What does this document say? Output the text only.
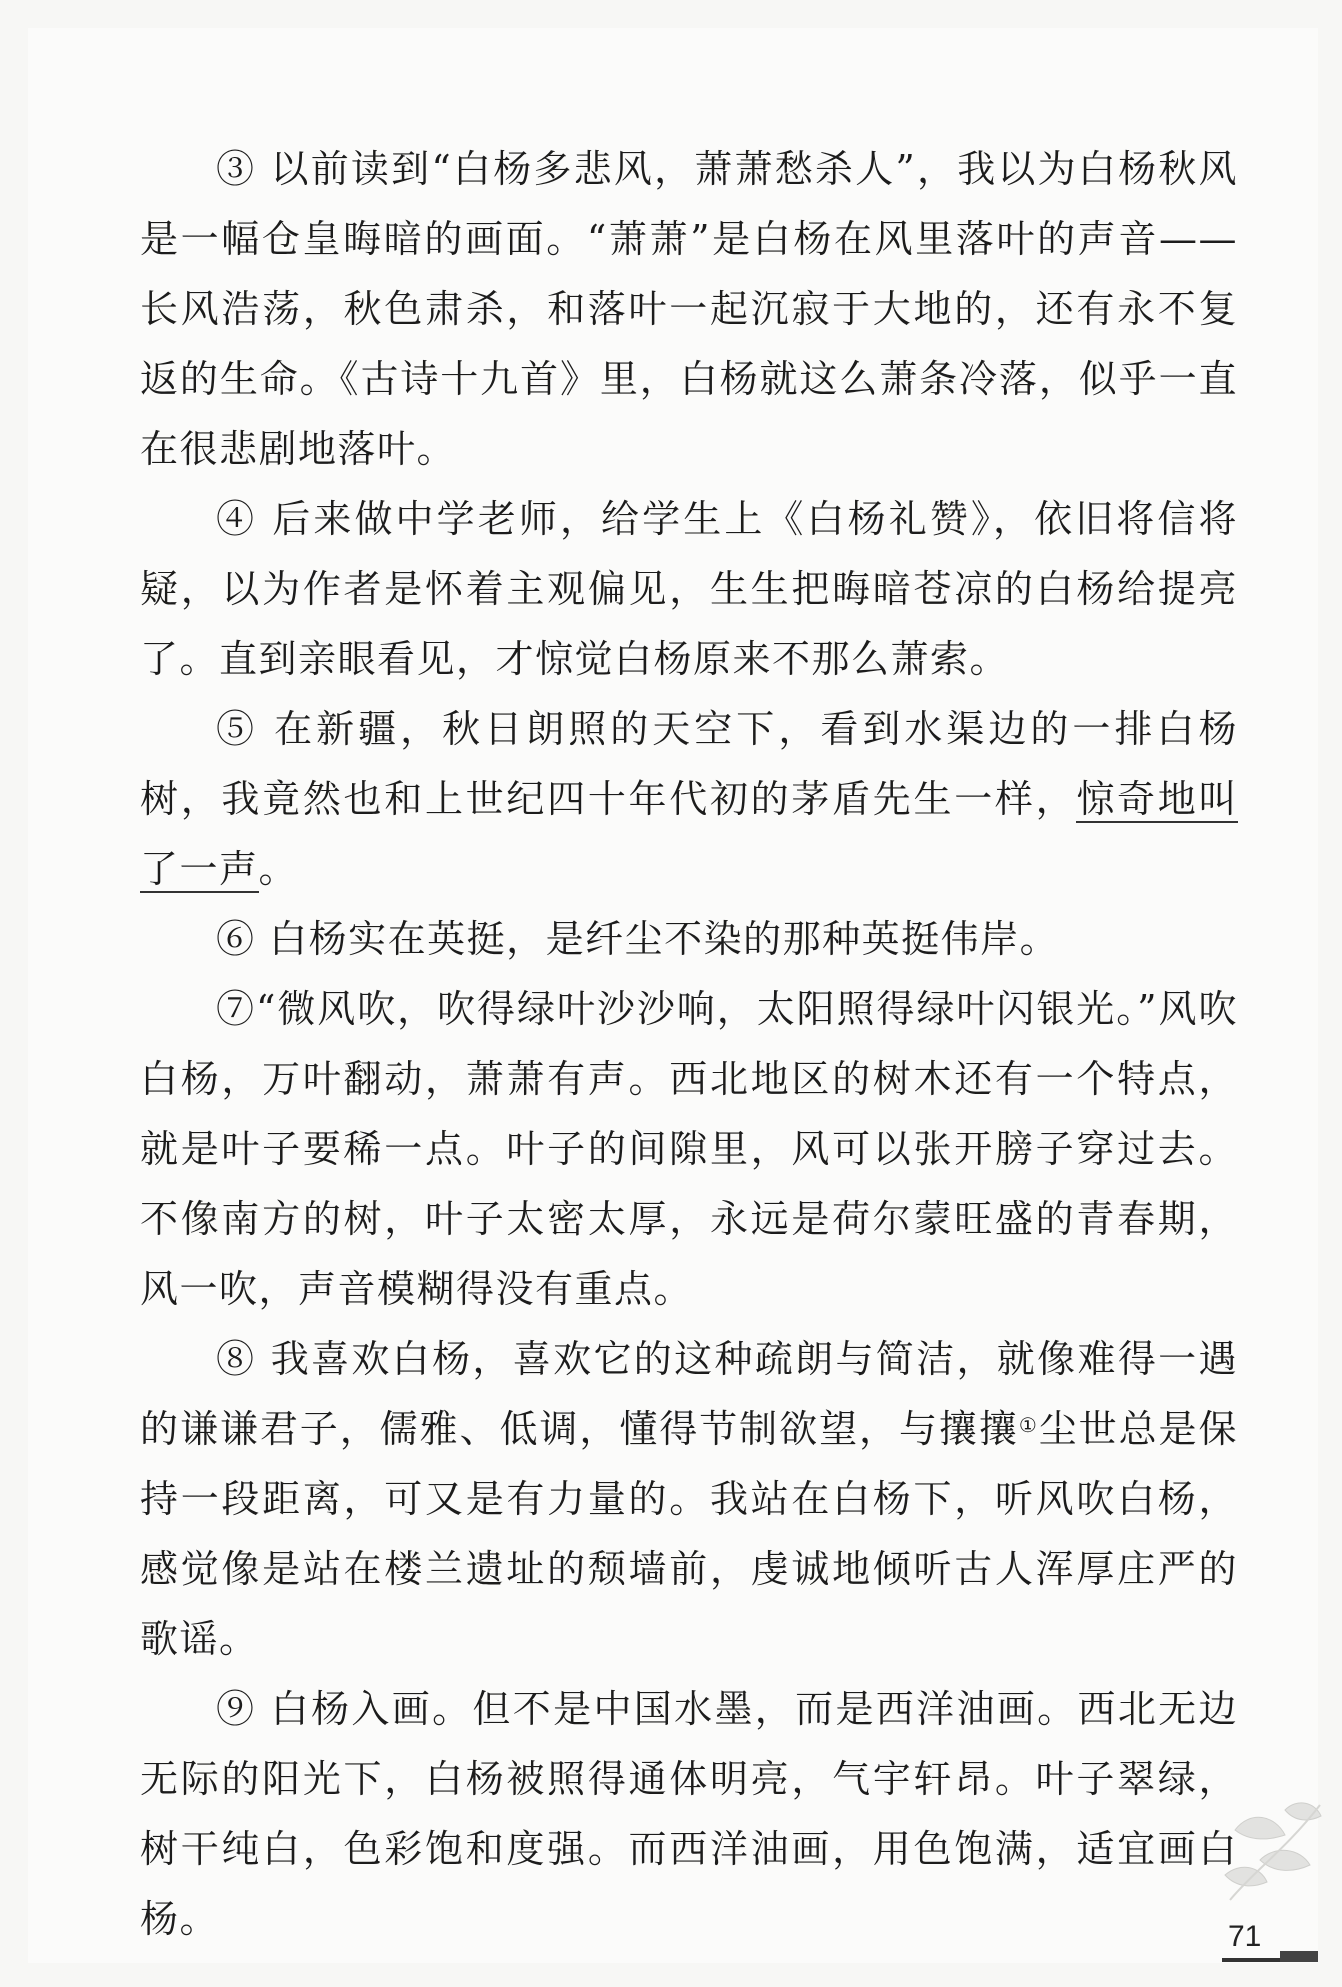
③ 以前读到“白杨多悲风，萧萧愁杀人”，我以为白杨秋风是一幅仓皇晦暗的画面。“萧萧”是白杨在风里落叶的声音——长风浩荡，秋色肃杀，和落叶一起沉寂于大地的，还有永不复返的生命。《古诗十九首》里，白杨就这么萧条冷落，似乎一直在很悲剧地落叶。

④ 后来做中学老师，给学生上《白杨礼赞》，依旧将信将疑，以为作者是怀着主观偏见，生生把晦暗苍凉的白杨给提亮了。直到亲眼看见，才惊觉白杨原来不那么萧索。

⑤ 在新疆，秋日朗照的天空下，看到水渠边的一排白杨树，我竟然也和上世纪四十年代初的茅盾先生一样，惊奇地叫了一声。

⑥ 白杨实在英挺，是纤尘不染的那种英挺伟岸。

⑦“微风吹，吹得绿叶沙沙响，太阳照得绿叶闪银光。”风吹白杨，万叶翻动，萧萧有声。西北地区的树木还有一个特点，就是叶子要稀一点。叶子的间隙里，风可以张开膀子穿过去。不像南方的树，叶子太密太厚，永远是荷尔蒙旺盛的青春期，风一吹，声音模糊得没有重点。

⑧ 我喜欢白杨，喜欢它的这种疏朗与简洁，就像难得一遇的谦谦君子，儒雅、低调，懂得节制欲望，与攘攘①尘世总是保持一段距离，可又是有力量的。我站在白杨下，听风吹白杨，感觉像是站在楼兰遗址的颓墙前，虔诚地倾听古人浑厚庄严的歌谣。

⑨ 白杨入画。但不是中国水墨，而是西洋油画。西北无边无际的阳光下，白杨被照得通体明亮，气宇轩昂。叶子翠绿，树干纯白，色彩饱和度强。而西洋油画，用色饱满，适宜画白杨。	71
